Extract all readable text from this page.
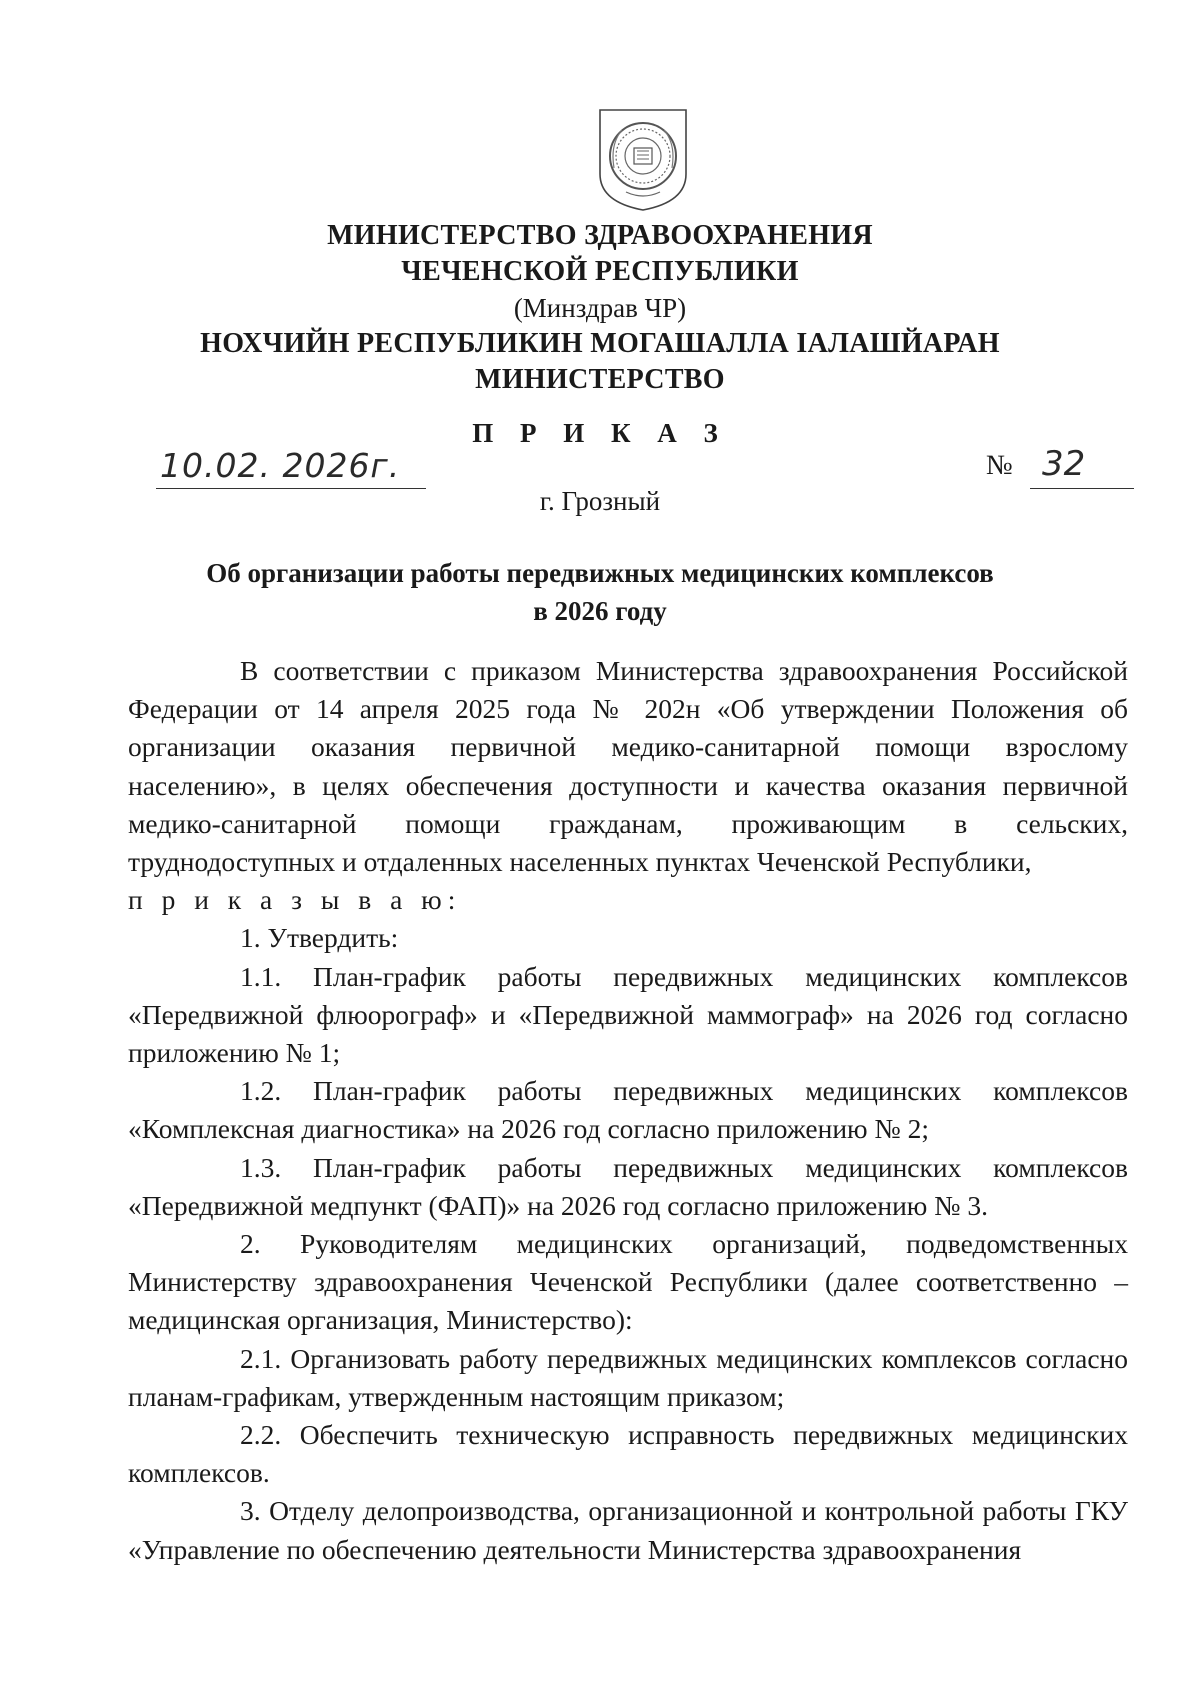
МИНИСТЕРСТВО ЗДРАВООХРАНЕНИЯ
ЧЕЧЕНСКОЙ РЕСПУБЛИКИ
(Минздрав ЧР)
НОХЧИЙН РЕСПУБЛИКИН МОГАШАЛЛА ІАЛАШЙАРАН
МИНИСТЕРСТВО
П Р И К А З
10.02. 2026г.	№ 32
г. Грозный
Об организации работы передвижных медицинских комплексов
в 2026 году

В соответствии с приказом Министерства здравоохранения Российской Федерации от 14 апреля 2025 года № 202н «Об утверждении Положения об организации оказания первичной медико-санитарной помощи взрослому населению», в целях обеспечения доступности и качества оказания первичной медико-санитарной помощи гражданам, проживающим в сельских, труднодоступных и отдаленных населенных пунктах Чеченской Республики,

п р и к а з ы в а ю:

1. Утвердить:

1.1. План-график работы передвижных медицинских комплексов «Передвижной флюорограф» и «Передвижной маммограф» на 2026 год согласно приложению № 1;

1.2. План-график работы передвижных медицинских комплексов «Комплексная диагностика» на 2026 год согласно приложению № 2;

1.3. План-график работы передвижных медицинских комплексов «Передвижной медпункт (ФАП)» на 2026 год согласно приложению № 3.

2. Руководителям медицинских организаций, подведомственных Министерству здравоохранения Чеченской Республики (далее соответственно – медицинская организация, Министерство):

2.1. Организовать работу передвижных медицинских комплексов согласно планам-графикам, утвержденным настоящим приказом;

2.2. Обеспечить техническую исправность передвижных медицинских комплексов.

3. Отделу делопроизводства, организационной и контрольной работы ГКУ «Управление по обеспечению деятельности Министерства здравоохранения
